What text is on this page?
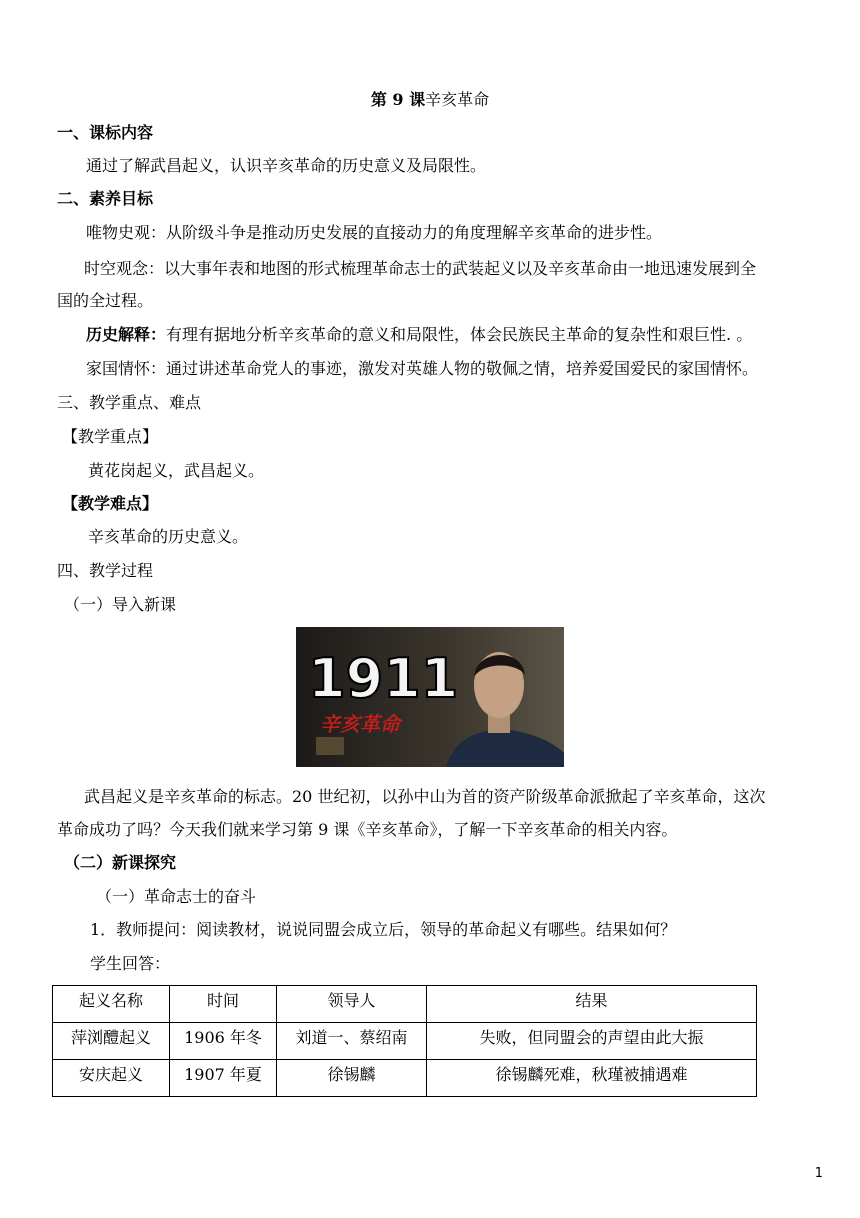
第 9 课辛亥革命
一、课标内容
通过了解武昌起义，认识辛亥革命的历史意义及局限性。
二、素养目标
唯物史观：从阶级斗争是推动历史发展的直接动力的角度理解辛亥革命的进步性。
时空观念：以大事年表和地图的形式梳理革命志士的武装起义以及辛亥革命由一地迅速发展到全
国的全过程。
历史解释：有理有据地分析辛亥革命的意义和局限性，体会民族民主革命的复杂性和艰巨性. 。
家国情怀：通过讲述革命党人的事迹，激发对英雄人物的敬佩之情，培养爱国爱民的家国情怀。
三、教学重点、难点
【教学重点】
黄花岗起义，武昌起义。
【教学难点】
辛亥革命的历史意义。
四、教学过程
（一）导入新课
1911
辛亥革命
武昌起义是辛亥革命的标志。20 世纪初，以孙中山为首的资产阶级革命派掀起了辛亥革命，这次
革命成功了吗？今天我们就来学习第 9 课《辛亥革命》，了解一下辛亥革命的相关内容。
（二）新课探究
（一）革命志士的奋斗
1．教师提问：阅读教材，说说同盟会成立后，领导的革命起义有哪些。结果如何？
学生回答：
起义名称	时间	领导人	结果
萍浏醴起义	1906 年冬	刘道一、蔡绍南	失败，但同盟会的声望由此大振
安庆起义	1907 年夏	徐锡麟	徐锡麟死难，秋瑾被捕遇难
1
